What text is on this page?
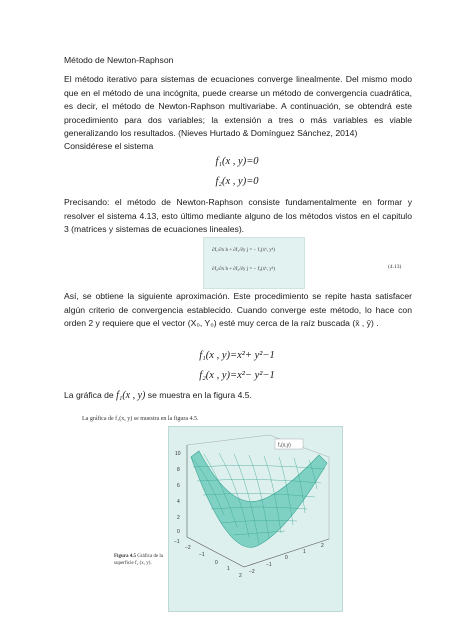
Método de Newton-Raphson
El método iterativo para sistemas de ecuaciones converge linealmente. Del mismo modo que en el método de una incógnita, puede crearse un método de convergencia cuadrática, es decir, el método de Newton-Raphson multivariabe. A continuación, se obtendrá este procedimiento para dos variables; la extensión a tres o más variables es viable generalizando los resultados. (Nieves Hurtado & Domínguez Sánchez, 2014)
Considérese el sistema
f₁(x , y)=0
f₂(x , y)=0
Precisando: el método de Newton-Raphson consiste fundamentalmente en formar y resolver el sistema 4.13, esto último mediante alguno de los métodos vistos en el capitulo 3 (matrices y sistemas de ecuaciones lineales).
∂f₁/∂x h + ∂f₁/∂y j = − f₁(xᵏ, yᵏ)
∂f₂/∂x h + ∂f₂/∂y j = − f₂(xᵏ, yᵏ)	(4.13)
Así, se obtiene la siguiente aproximación. Este procedimiento se repite hasta satisfacer algún criterio de convergencia establecido. Cuando converge este método, lo hace con orden 2 y requiere que el vector (X₀, Y₀) esté muy cerca de la raíz buscada (x̄ , ȳ) .
f₁(x , y)=x²+ y²−1
f₂(x , y)=x²− y²−1
La gráfica de f₁(x , y) se muestra en la figura 4.5.
La gráfica de f₁(x, y) se muestra en la figura 4.5.
f₁(x,y)
10
8
6
4
2
0
−1
−2
−1
0
1
2
2
1
0
−1
−2
Figura 4.5 Gráfica de la superficie f₁ (x, y).
